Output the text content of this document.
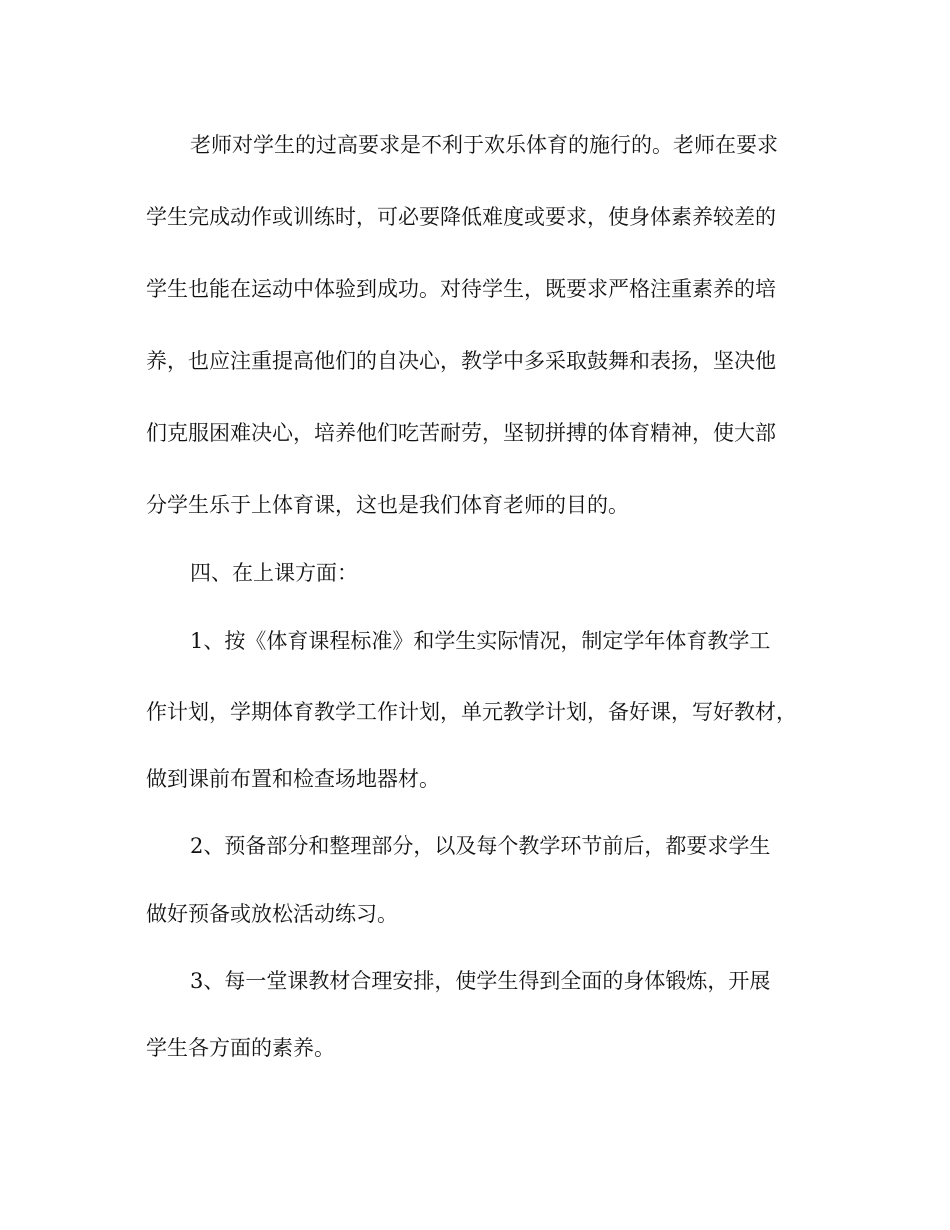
老师对学生的过高要求是不利于欢乐体育的施行的。老师在要求
学生完成动作或训练时，可必要降低难度或要求，使身体素养较差的
学生也能在运动中体验到成功。对待学生，既要求严格注重素养的培
养，也应注重提高他们的自决心，教学中多采取鼓舞和表扬，坚决他
们克服困难决心，培养他们吃苦耐劳，坚韧拼搏的体育精神，使大部
分学生乐于上体育课，这也是我们体育老师的目的。
四、在上课方面：
1、按《体育课程标准》和学生实际情况，制定学年体育教学工
作计划，学期体育教学工作计划，单元教学计划，备好课，写好教材，
做到课前布置和检查场地器材。
2、预备部分和整理部分，以及每个教学环节前后，都要求学生
做好预备或放松活动练习。
3、每一堂课教材合理安排，使学生得到全面的身体锻炼，开展
学生各方面的素养。
